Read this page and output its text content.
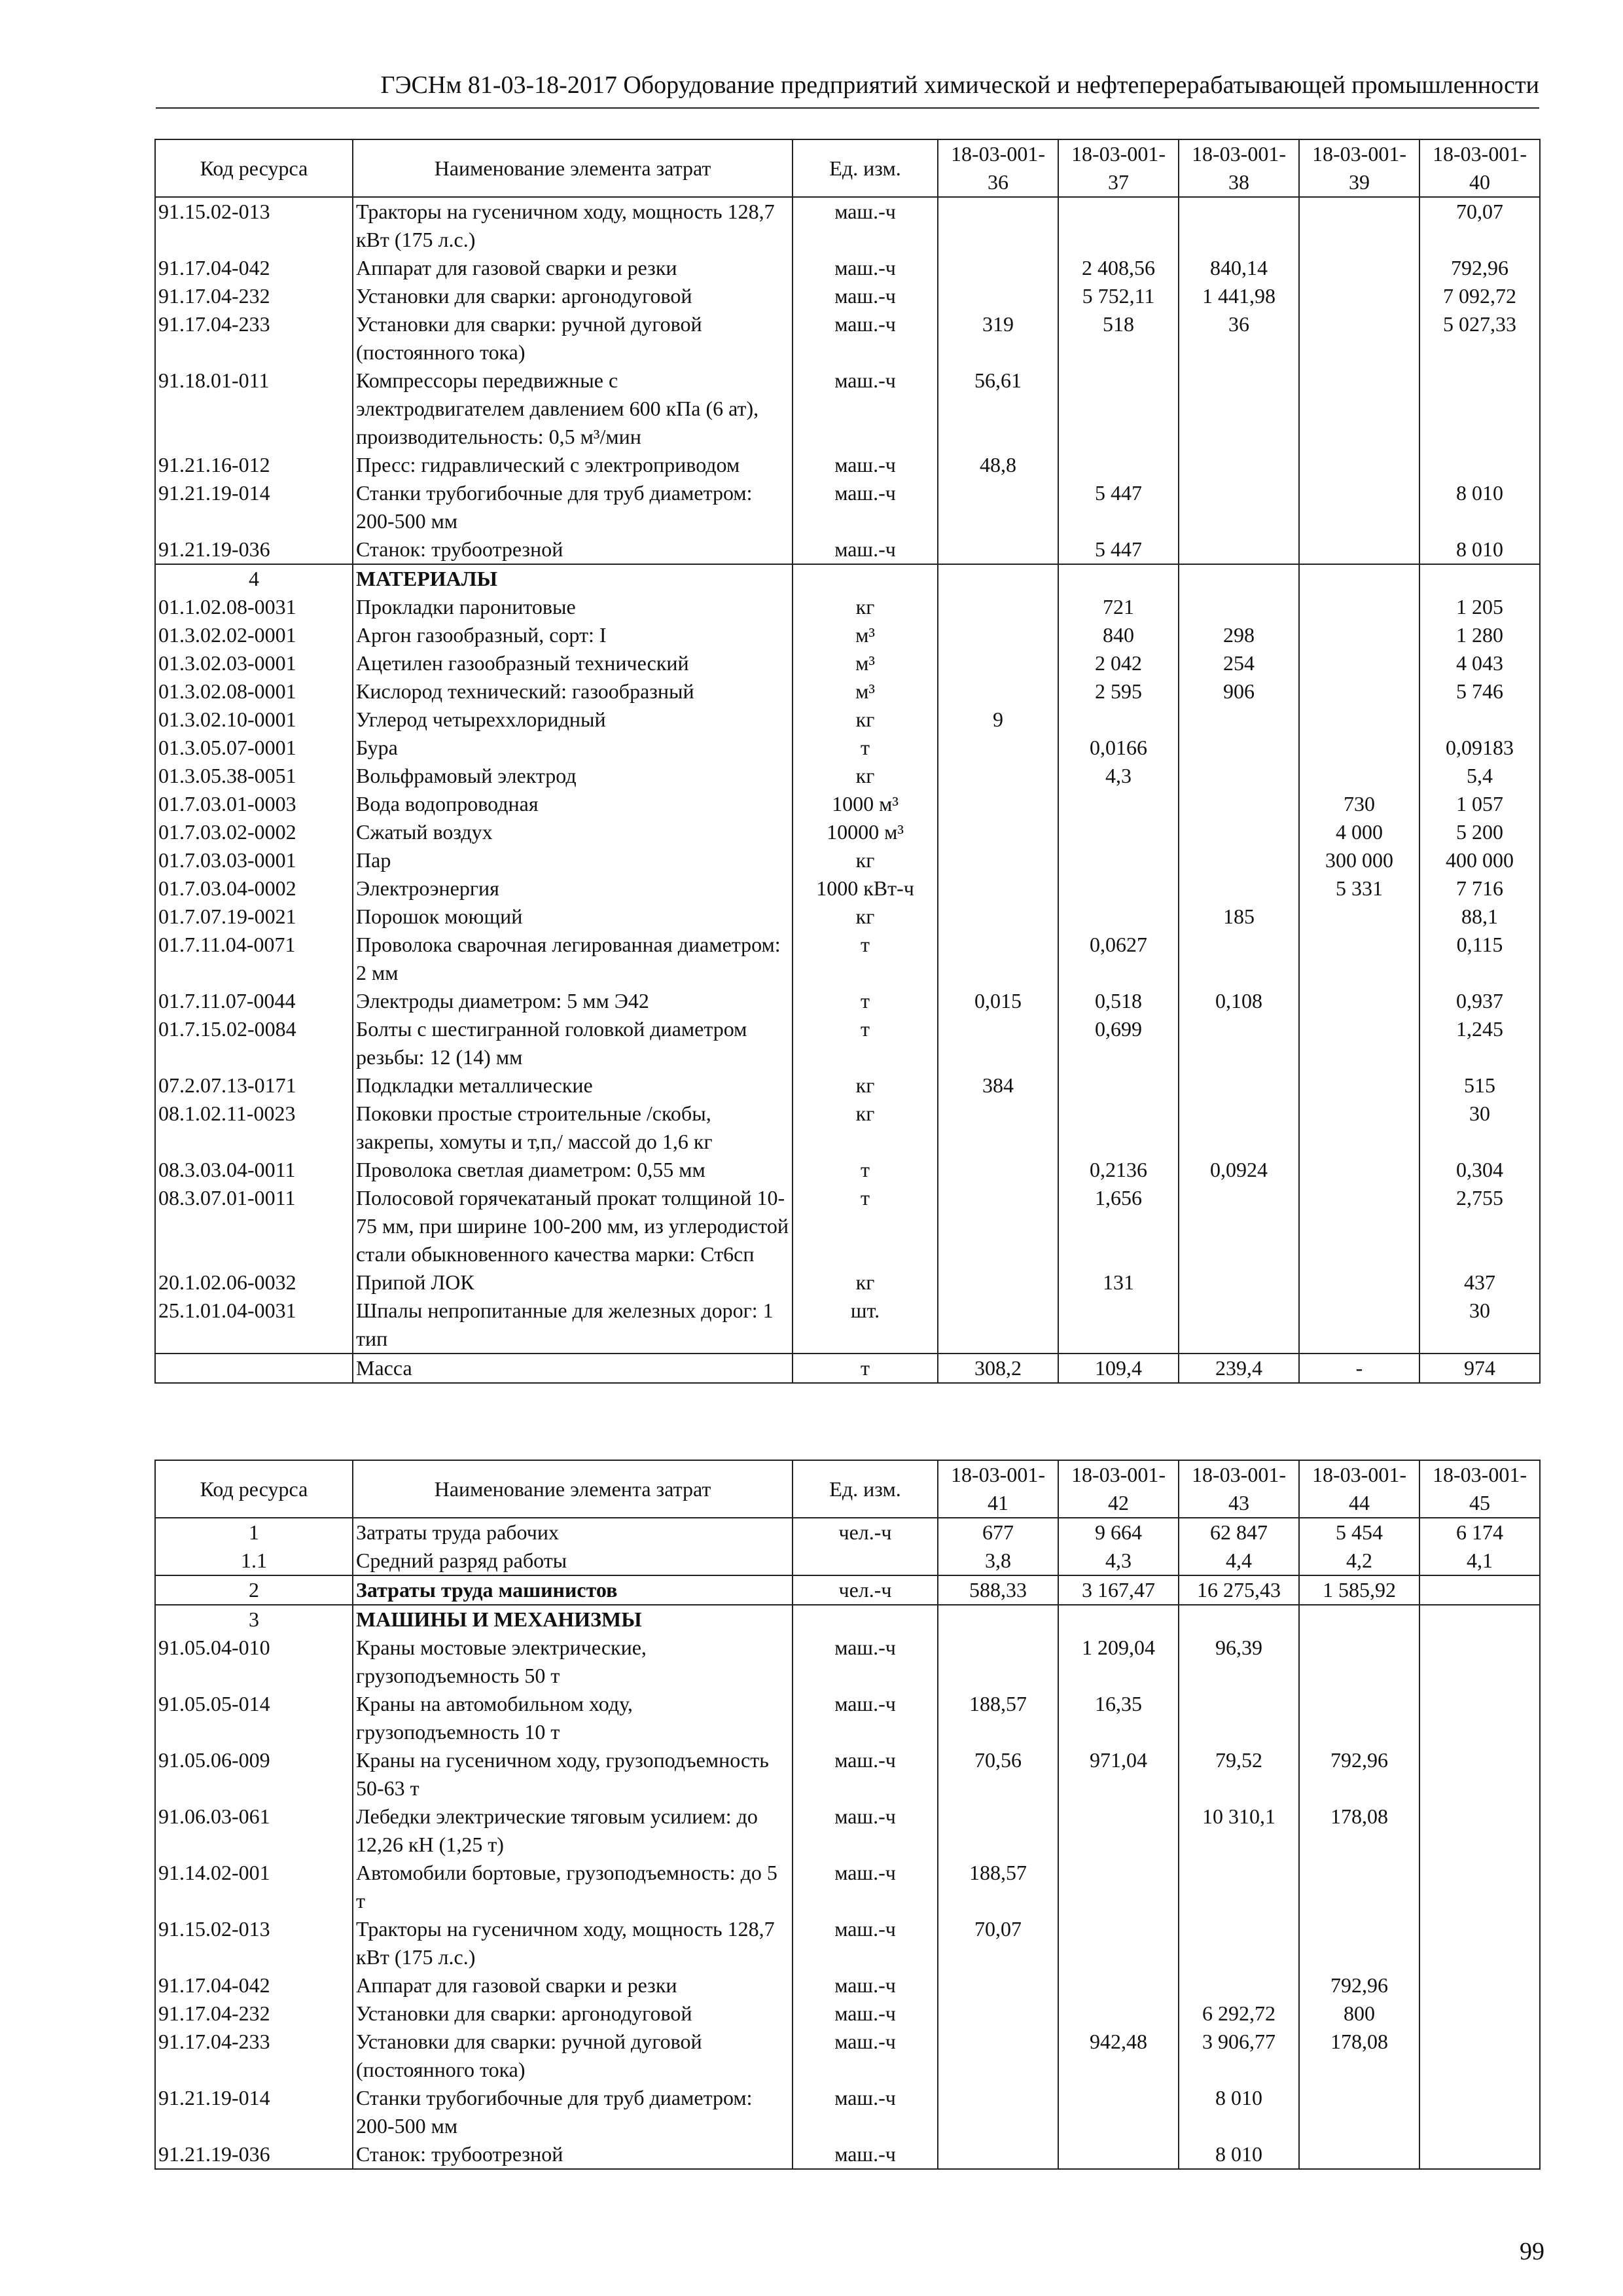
ГЭСНм 81-03-18-2017 Оборудование предприятий химической и нефтеперерабатывающей промышленности
Код ресурса	Наименование элемента затрат	Ед. изм.	18-03-001-36	18-03-001-37	18-03-001-38	18-03-001-39	18-03-001-40
91.15.02-013	Тракторы на гусеничном ходу, мощность 128,7 кВт (175 л.с.)	маш.-ч					70,07
91.17.04-042	Аппарат для газовой сварки и резки	маш.-ч		2 408,56	840,14		792,96
91.17.04-232	Установки для сварки: аргонодуговой	маш.-ч		5 752,11	1 441,98		7 092,72
91.17.04-233	Установки для сварки: ручной дуговой (постоянного тока)	маш.-ч	319	518	36		5 027,33
91.18.01-011	Компрессоры передвижные с электродвигателем давлением 600 кПа (6 ат), производительность: 0,5 м³/мин	маш.-ч	56,61				
91.21.16-012	Пресс: гидравлический с электроприводом	маш.-ч	48,8				
91.21.19-014	Станки трубогибочные для труб диаметром: 200-500 мм	маш.-ч		5 447			8 010
91.21.19-036	Станок: трубоотрезной	маш.-ч		5 447			8 010
4	МАТЕРИАЛЫ						
01.1.02.08-0031	Прокладки паронитовые	кг		721			1 205
01.3.02.02-0001	Аргон газообразный, сорт: I	м³		840	298		1 280
01.3.02.03-0001	Ацетилен газообразный технический	м³		2 042	254		4 043
01.3.02.08-0001	Кислород технический: газообразный	м³		2 595	906		5 746
01.3.02.10-0001	Углерод четыреххлоридный	кг	9				
01.3.05.07-0001	Бура	т		0,0166			0,09183
01.3.05.38-0051	Вольфрамовый электрод	кг		4,3			5,4
01.7.03.01-0003	Вода водопроводная	1000 м³				730	1 057
01.7.03.02-0002	Сжатый воздух	10000 м³				4 000	5 200
01.7.03.03-0001	Пар	кг				300 000	400 000
01.7.03.04-0002	Электроэнергия	1000 кВт-ч				5 331	7 716
01.7.07.19-0021	Порошок моющий	кг			185		88,1
01.7.11.04-0071	Проволока сварочная легированная диаметром: 2 мм	т		0,0627			0,115
01.7.11.07-0044	Электроды диаметром: 5 мм Э42	т	0,015	0,518	0,108		0,937
01.7.15.02-0084	Болты с шестигранной головкой диаметром резьбы: 12 (14) мм	т		0,699			1,245
07.2.07.13-0171	Подкладки металлические	кг	384				515
08.1.02.11-0023	Поковки простые строительные /скобы, закрепы, хомуты и т,п,/ массой до 1,6 кг	кг					30
08.3.03.04-0011	Проволока светлая диаметром: 0,55 мм	т		0,2136	0,0924		0,304
08.3.07.01-0011	Полосовой горячекатаный прокат толщиной 10-75 мм, при ширине 100-200 мм, из углеродистой стали обыкновенного качества марки: Ст6сп	т		1,656			2,755
20.1.02.06-0032	Припой ЛОК	кг		131			437
25.1.01.04-0031	Шпалы непропитанные для железных дорог: 1 тип	шт.					30
	Масса	т	308,2	109,4	239,4	-	974
Код ресурса	Наименование элемента затрат	Ед. изм.	18-03-001-41	18-03-001-42	18-03-001-43	18-03-001-44	18-03-001-45
1	Затраты труда рабочих	чел.-ч	677	9 664	62 847	5 454	6 174
1.1	Средний разряд работы		3,8	4,3	4,4	4,2	4,1
2	Затраты труда машинистов	чел.-ч	588,33	3 167,47	16 275,43	1 585,92	
3	МАШИНЫ И МЕХАНИЗМЫ						
91.05.04-010	Краны мостовые электрические, грузоподъемность 50 т	маш.-ч		1 209,04	96,39		
91.05.05-014	Краны на автомобильном ходу, грузоподъемность 10 т	маш.-ч	188,57	16,35			
91.05.06-009	Краны на гусеничном ходу, грузоподъемность 50-63 т	маш.-ч	70,56	971,04	79,52	792,96	
91.06.03-061	Лебедки электрические тяговым усилием: до 12,26 кН (1,25 т)	маш.-ч			10 310,1	178,08	
91.14.02-001	Автомобили бортовые, грузоподъемность: до 5 т	маш.-ч	188,57				
91.15.02-013	Тракторы на гусеничном ходу, мощность 128,7 кВт (175 л.с.)	маш.-ч	70,07				
91.17.04-042	Аппарат для газовой сварки и резки	маш.-ч				792,96	
91.17.04-232	Установки для сварки: аргонодуговой	маш.-ч			6 292,72	800	
91.17.04-233	Установки для сварки: ручной дуговой (постоянного тока)	маш.-ч		942,48	3 906,77	178,08	
91.21.19-014	Станки трубогибочные для труб диаметром: 200-500 мм	маш.-ч			8 010		
91.21.19-036	Станок: трубоотрезной	маш.-ч			8 010		
99
